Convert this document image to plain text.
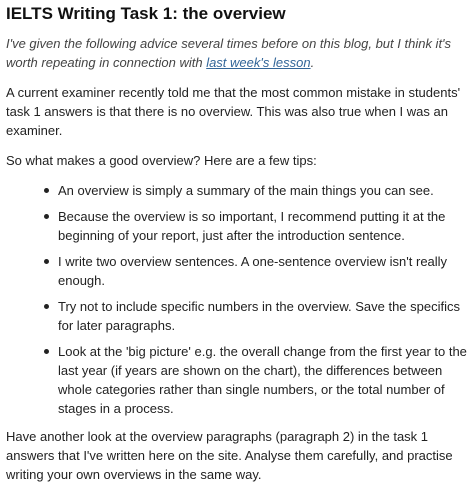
IELTS Writing Task 1: the overview

I've given the following advice several times before on this blog, but I think it's worth repeating in connection with last week's lesson.

A current examiner recently told me that the most common mistake in students' task 1 answers is that there is no overview. This was also true when I was an examiner.

So what makes a good overview? Here are a few tips:

An overview is simply a summary of the main things you can see.
Because the overview is so important, I recommend putting it at the beginning of your report, just after the introduction sentence.
I write two overview sentences. A one-sentence overview isn't really enough.
Try not to include specific numbers in the overview. Save the specifics for later paragraphs.
Look at the 'big picture' e.g. the overall change from the first year to the last year (if years are shown on the chart), the differences between whole categories rather than single numbers, or the total number of stages in a process.

Have another look at the overview paragraphs (paragraph 2) in the task 1 answers that I've written here on the site. Analyse them carefully, and practise writing your own overviews in the same way.
